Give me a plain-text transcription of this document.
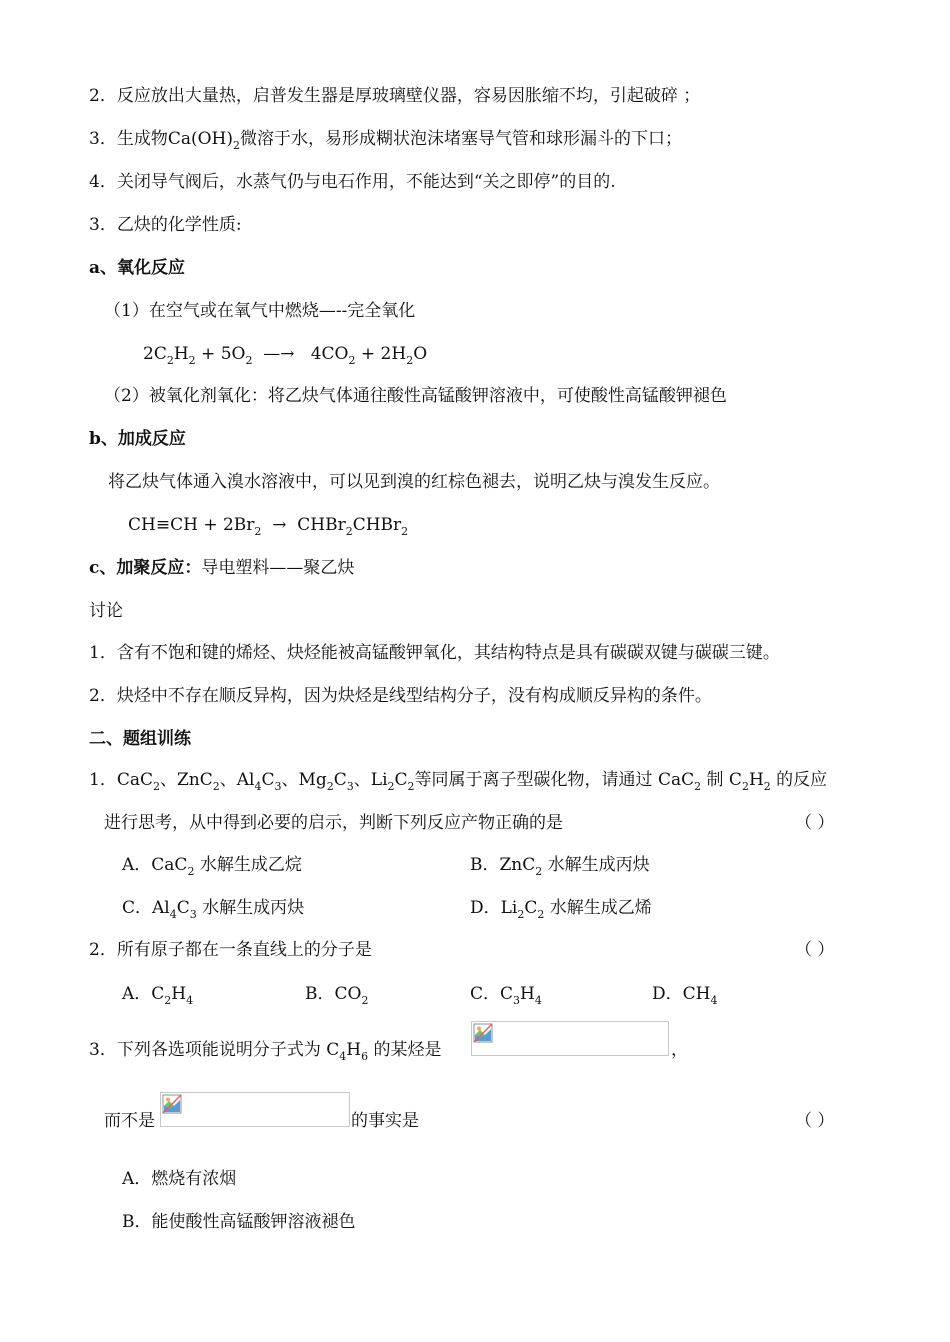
2．反应放出大量热，启普发生器是厚玻璃壁仪器，容易因胀缩不均，引起破碎 ；
3．生成物$Ca(OH)_2$微溶于水，易形成糊状泡沫堵塞导气管和球形漏斗的下口；
4．关闭导气阀后，水蒸气仍与电石作用，不能达到“关之即停”的目的.
3．乙炔的化学性质:
a、氧化反应
（1）在空气或在氧气中燃烧—--完全氧化
$2C_2H_2 + 5O_2$  —→   $4CO_2 + 2H_2O$
（2）被氧化剂氧化：将乙炔气体通往酸性高锰酸钾溶液中，可使酸性高锰酸钾褪色
b、加成反应
将乙炔气体通入溴水溶液中，可以见到溴的红棕色褪去，说明乙炔与溴发生反应。
$CH\equiv CH + 2Br_2$  →  CHBr$_2$CHBr$_2$
c、加聚反应：导电塑料——聚乙炔
讨论
1．含有不饱和键的烯烃、炔烃能被高锰酸钾氧化，其结构特点是具有碳碳双键与碳碳三键。
2．炔烃中不存在顺反异构，因为炔烃是线型结构分子，没有构成顺反异构的条件。
二、题组训练
1．CaC$_2$、ZnC$_2$、$Al_4C_3$、$Mg_2C_3$、$Li_2C_2$等同属于离子型碳化物，请通过 CaC$_2$ 制 $C_2H_2$ 的反应
进行思考，从中得到必要的启示，判断下列反应产物正确的是	（ ）
A．CaC$_2$ 水解生成乙烷	B．ZnC$_2$ 水解生成丙炔
C．$Al_4C_3$ 水解生成丙炔	D．$Li_2C_2$ 水解生成乙烯
2．所有原子都在一条直线上的分子是	（ ）
A．$C_2H_4$	B．$CO_2$	C．$C_3H_4$	D．$CH_4$
3．下列各选项能说明分子式为 $C_4H_6$ 的某烃是	，
而不是	的事实是	（ ）
A．燃烧有浓烟
B．能使酸性高锰酸钾溶液褪色
